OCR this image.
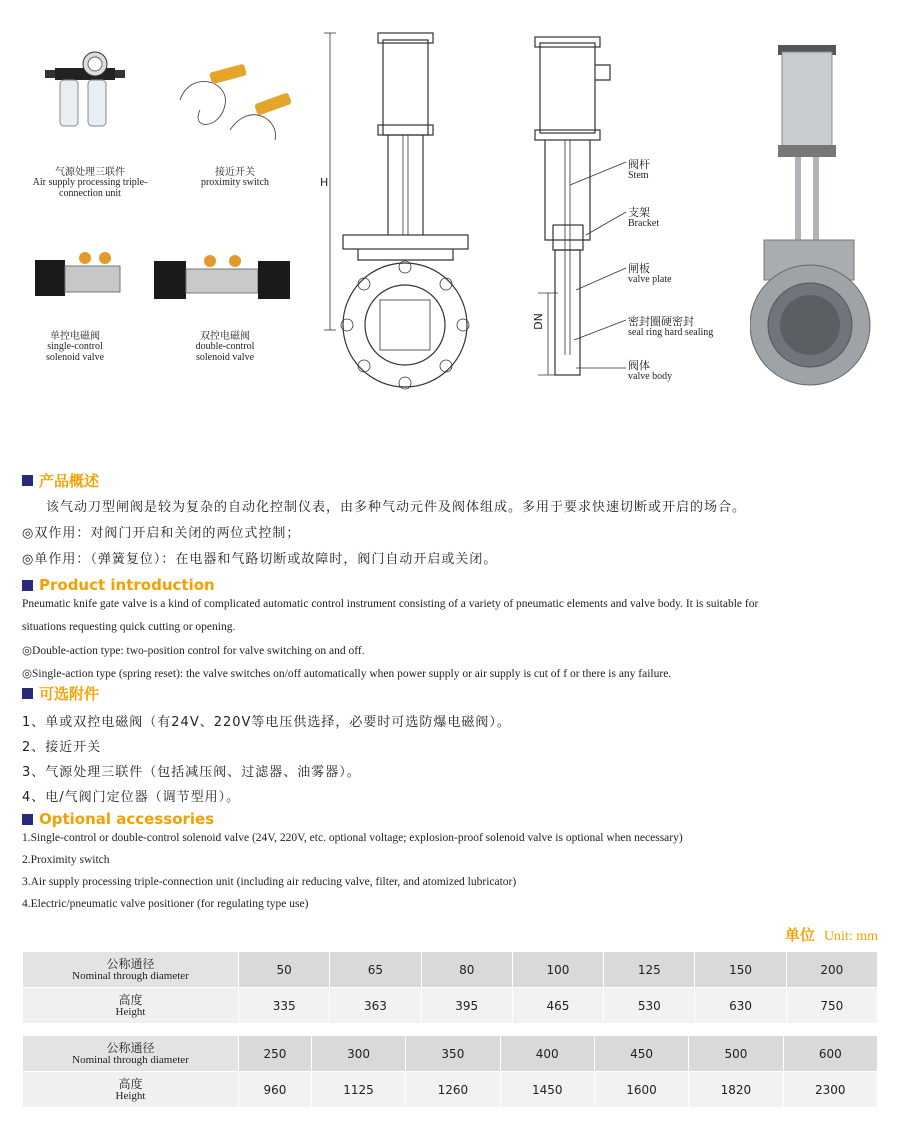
气源处理三联件
Air supply processing triple-
connection unit
接近开关
proximity switch
单控电磁阀
single-control
solenoid valve
双控电磁阀
double-control
solenoid valve
H
DN
阀杆
Stem
支架
Bracket
闸板
valve plate
密封圈硬密封
seal ring hard sealing
阀体
valve body
产品概述
该气动刀型闸阀是较为复杂的自动化控制仪表，由多种气动元件及阀体组成。多用于要求快速切断或开启的场合。
◎双作用：对阀门开启和关闭的两位式控制；
◎单作用：（弹簧复位）：在电器和气路切断或故障时，阀门自动开启或关闭。
Product introduction
Pneumatic knife gate valve is a kind of complicated automatic control instrument consisting of a variety of pneumatic elements and valve body. It is suitable for
situations requesting quick cutting or opening.
◎Double-action type: two-position control for valve switching on and off.
◎Single-action type (spring reset): the valve switches on/off automatically when power supply or air supply is cut of f or there is any failure.
可选附件
1、单或双控电磁阀（有24V、220V等电压供选择，必要时可选防爆电磁阀）。
2、接近开关
3、气源处理三联件（包括减压阀、过滤器、油雾器）。
4、电/气阀门定位器（调节型用）。
Optional accessories
1.Single-control or double-control solenoid valve (24V, 220V, etc. optional voltage; explosion-proof solenoid valve is optional when necessary)
2.Proximity switch
3.Air supply processing triple-connection unit (including air reducing valve, filter, and atomized lubricator)
4.Electric/pneumatic valve positioner (for regulating type use)
单位 Unit: mm
公称通径
Nominal through diameter	50	65	80	100	125	150	200

高度
Height	335	363	395	465	530	630	750
公称通径
Nominal through diameter	250	300	350	400	450	500	600

高度
Height	960	1125	1260	1450	1600	1820	2300
